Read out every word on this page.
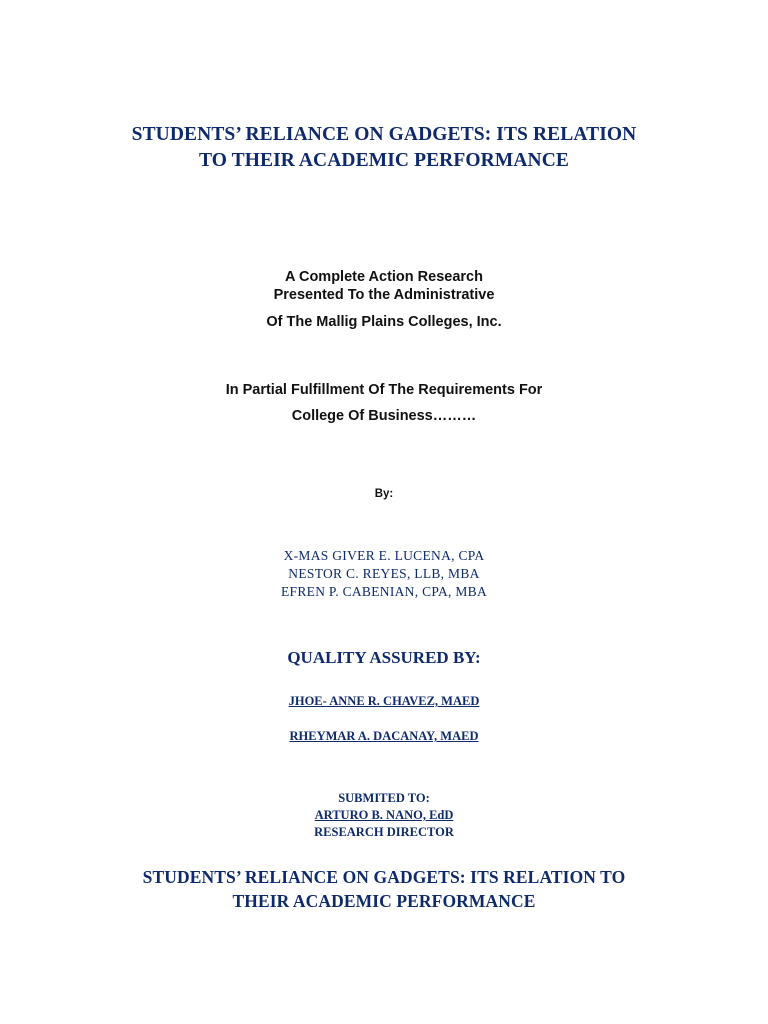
STUDENTS’ RELIANCE ON GADGETS: ITS RELATION
TO THEIR ACADEMIC PERFORMANCE
A Complete Action Research
Presented To the Administrative
Of The Mallig Plains Colleges, Inc.
In Partial Fulfillment Of The Requirements For
College Of Business………
By:
X-MAS GIVER E. LUCENA, CPA
NESTOR C. REYES, LLB, MBA
EFREN P. CABENIAN, CPA, MBA
QUALITY ASSURED BY:
JHOE- ANNE R. CHAVEZ, MAED
RHEYMAR A. DACANAY, MAED
SUBMITED TO:
ARTURO B. NANO, EdD
RESEARCH DIRECTOR
STUDENTS’ RELIANCE ON GADGETS: ITS RELATION TO
THEIR ACADEMIC PERFORMANCE
